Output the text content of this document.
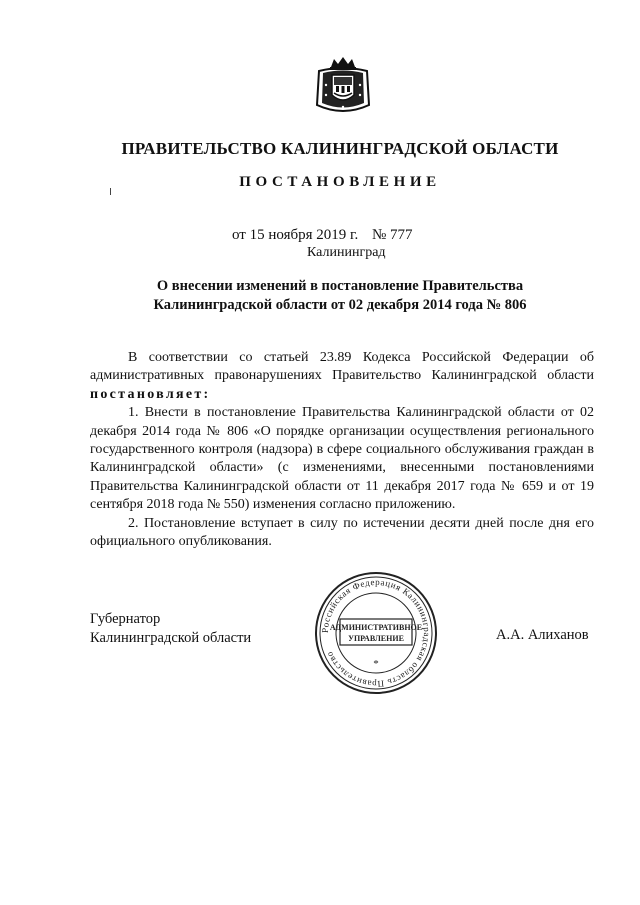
ПРАВИТЕЛЬСТВО КАЛИНИНГРАДСКОЙ ОБЛАСТИ
ПОСТАНОВЛЕНИЕ
от 15 ноября 2019 г. № 777
Калининград
О внесении изменений в постановление Правительства
Калининградской области от 02 декабря 2014 года № 806

В соответствии со статьей 23.89 Кодекса Российской Федерации об административных правонарушениях Правительство Калининградской области постановляет:

1. Внести в постановление Правительства Калининградской области от 02 декабря 2014 года № 806 «О порядке организации осуществления регионального государственного контроля (надзора) в сфере социального обслуживания граждан в Калининградской области» (с изменениями, внесенными постановлениями Правительства Калининградской области от 11 декабря 2017 года № 659 и от 19 сентября 2018 года № 550) изменения согласно приложению.

2. Постановление вступает в силу по истечении десяти дней после дня его официального опубликования.

Губернатор
Калининградской области	Российская Федерация Калининградская область Правительство
АДМИНИСТРАТИВНОЕ
УПРАВЛЕНИЕ
*
А.А. Алиханов
